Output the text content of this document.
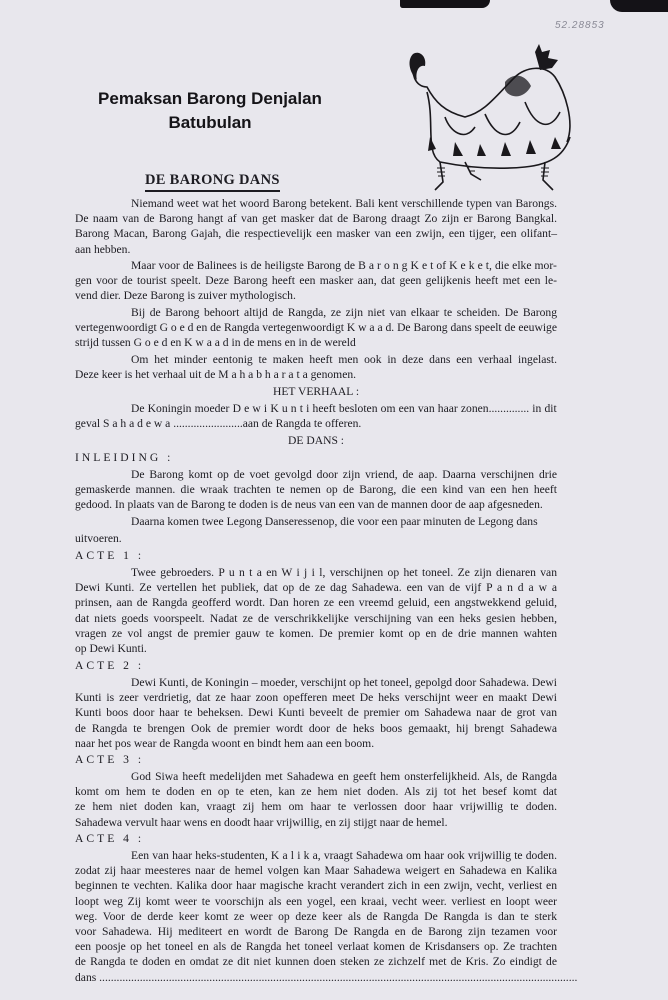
Pemaksan Barong Denjalan
Batubulan
52.28853
DE BARONG DANS
Niemand weet wat het woord Barong betekent. Bali kent verschillende typen van Barongs.
De naam van de Barong hangt af van get masker dat de Barong draagt Zo zijn er Barong Bangkal.
Barong Macan, Barong Gajah, die respectievelijk een masker van een zwijn, een tijger, een olifant–
aan hebben.
Maar voor de Balinees is de heiligste Barong de B a r o n g K e t of K e k e t, die elke mor-
gen voor de tourist speelt. Deze Barong heeft een masker aan, dat geen gelijkenis heeft met een le-
vend dier. Deze Barong is zuiver mythologisch.
Bij de Barong behoort altijd de Rangda, ze zijn niet van elkaar te scheiden. De Barong
vertegenwoordigt G o e d en de Rangda vertegenwoordigt K w a a d. De Barong dans speelt de eeuwige
strijd tussen G o e d en K w a a d in de mens en in de wereld
Om het minder eentonig te maken heeft men ook in deze dans een verhaal ingelast.
Deze keer is het verhaal uit de M a h a b h a r a t a genomen.
HET VERHAAL :
De Koningin moeder D e w i K u n t i heeft besloten om een van haar zonen.............. in dit
geval S a h a d e w a ........................aan de Rangda te offeren.
DE DANS :
INLEIDING :
De Barong komt op de voet gevolgd door zijn vriend, de aap. Daarna verschijnen drie
gemaskerde mannen. die wraak trachten te nemen op de Barong, die een kind van een hen heeft
gedood. In plaats van de Barong te doden is de neus van een van de mannen door de aap afgesneden.
Daarna komen twee Legong Danseressenop, die voor een paar minuten de Legong dans
uitvoeren.
ACTE 1 :
Twee gebroeders. P u n t a en W i j i l, verschijnen op het toneel. Ze zijn dienaren van
Dewi Kunti. Ze vertellen het publiek, dat op de ze dag Sahadewa. een van de vijf P a n d a w a
prinsen, aan de Rangda geofferd wordt. Dan horen ze een vreemd geluid, een angstwekkend geluid,
dat niets goeds voorspeelt. Nadat ze de verschrikkelijke verschijning van een heks gesien hebben,
vragen ze vol angst de premier gauw te komen. De premier komt op en de drie mannen wahten
op Dewi Kunti.
ACTE 2 :
Dewi Kunti, de Koningin – moeder, verschijnt op het toneel, gepolgd door Sahadewa. Dewi
Kunti is zeer verdrietig, dat ze haar zoon opefferen meet De heks verschijnt weer en maakt Dewi
Kunti boos door haar te beheksen. Dewi Kunti beveelt de premier om Sahadewa naar de grot van
de Rangda te brengen Ook de premier wordt door de heks boos gemaakt, hij brengt Sahadewa
naar het pos wear de Rangda woont en bindt hem aan een boom.
ACTE 3 :
God Siwa heeft medelijden met Sahadewa en geeft hem onsterfelijkheid. Als, de Rangda
komt om hem te doden en op te eten, kan ze hem niet doden. Als zij tot het besef komt dat
ze hem niet doden kan, vraagt zij hem om haar te verlossen door haar vrijwillig te doden.
Sahadewa vervult haar wens en doodt haar vrijwillig, en zij stijgt naar de hemel.
ACTE 4 :
Een van haar heks-studenten, K a l i k a, vraagt Sahadewa om haar ook vrijwillig te doden.
zodat zij haar meesteres naar de hemel volgen kan Maar Sahadewa weigert en Sahadewa en Kalika
beginnen te vechten. Kalika door haar magische kracht verandert zich in een zwijn, vecht, verliest en
loopt weg Zij komt weer te voorschijn als een yogel, een kraai, vecht weer. verliest en loopt weer
weg. Voor de derde keer komt ze weer op deze keer als de Rangda De Rangda is dan te sterk
voor Sahadewa. Hij mediteert en wordt de Barong De Rangda en de Barong zijn tezamen voor
een poosje op het toneel en als de Rangda het toneel verlaat komen de Krisdansers op. Ze trachten
de Rangda te doden en omdat ze dit niet kunnen doen steken ze zichzelf met de Kris. Zo eindigt de
dans .....................................................................................................................................................................
